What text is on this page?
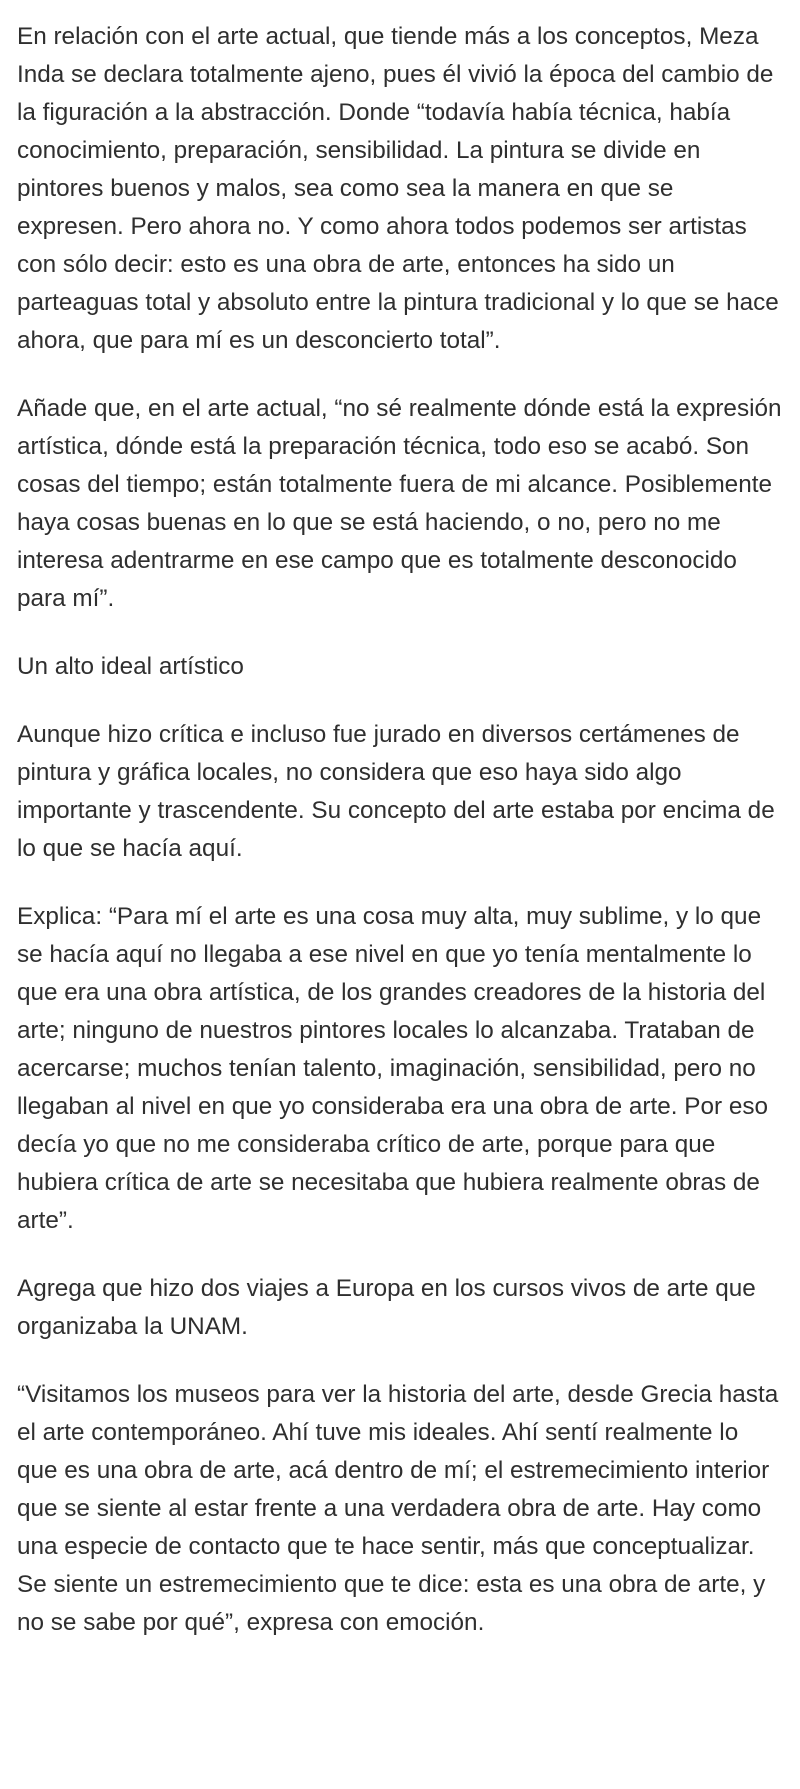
En relación con el arte actual, que tiende más a los conceptos, Meza Inda se declara totalmente ajeno, pues él vivió la época del cambio de la figuración a la abstracción. Donde “todavía había técnica, había conocimiento, preparación, sensibilidad. La pintura se divide en pintores buenos y malos, sea como sea la manera en que se expresen. Pero ahora no. Y como ahora todos podemos ser artistas con sólo decir: esto es una obra de arte, entonces ha sido un parteaguas total y absoluto entre la pintura tradicional y lo que se hace ahora, que para mí es un desconcierto total”.

Añade que, en el arte actual, “no sé realmente dónde está la expresión artística, dónde está la preparación técnica, todo eso se acabó. Son cosas del tiempo; están totalmente fuera de mi alcance. Posiblemente haya cosas buenas en lo que se está haciendo, o no, pero no me interesa adentrarme en ese campo que es totalmente desconocido para mí”.

Un alto ideal artístico

Aunque hizo crítica e incluso fue jurado en diversos certámenes de pintura y gráfica locales, no considera que eso haya sido algo importante y trascendente. Su concepto del arte estaba por encima de lo que se hacía aquí.

Explica: “Para mí el arte es una cosa muy alta, muy sublime, y lo que se hacía aquí no llegaba a ese nivel en que yo tenía mentalmente lo que era una obra artística, de los grandes creadores de la historia del arte; ninguno de nuestros pintores locales lo alcanzaba. Trataban de acercarse; muchos tenían talento, imaginación, sensibilidad, pero no llegaban al nivel en que yo consideraba era una obra de arte. Por eso decía yo que no me consideraba crítico de arte, porque para que hubiera crítica de arte se necesitaba que hubiera realmente obras de arte”.

Agrega que hizo dos viajes a Europa en los cursos vivos de arte que organizaba la UNAM.

“Visitamos los museos para ver la historia del arte, desde Grecia hasta el arte contemporáneo. Ahí tuve mis ideales. Ahí sentí realmente lo que es una obra de arte, acá dentro de mí; el estremecimiento interior que se siente al estar frente a una verdadera obra de arte. Hay como una especie de contacto que te hace sentir, más que conceptualizar. Se siente un estremecimiento que te dice: esta es una obra de arte, y no se sabe por qué”, expresa con emoción.
